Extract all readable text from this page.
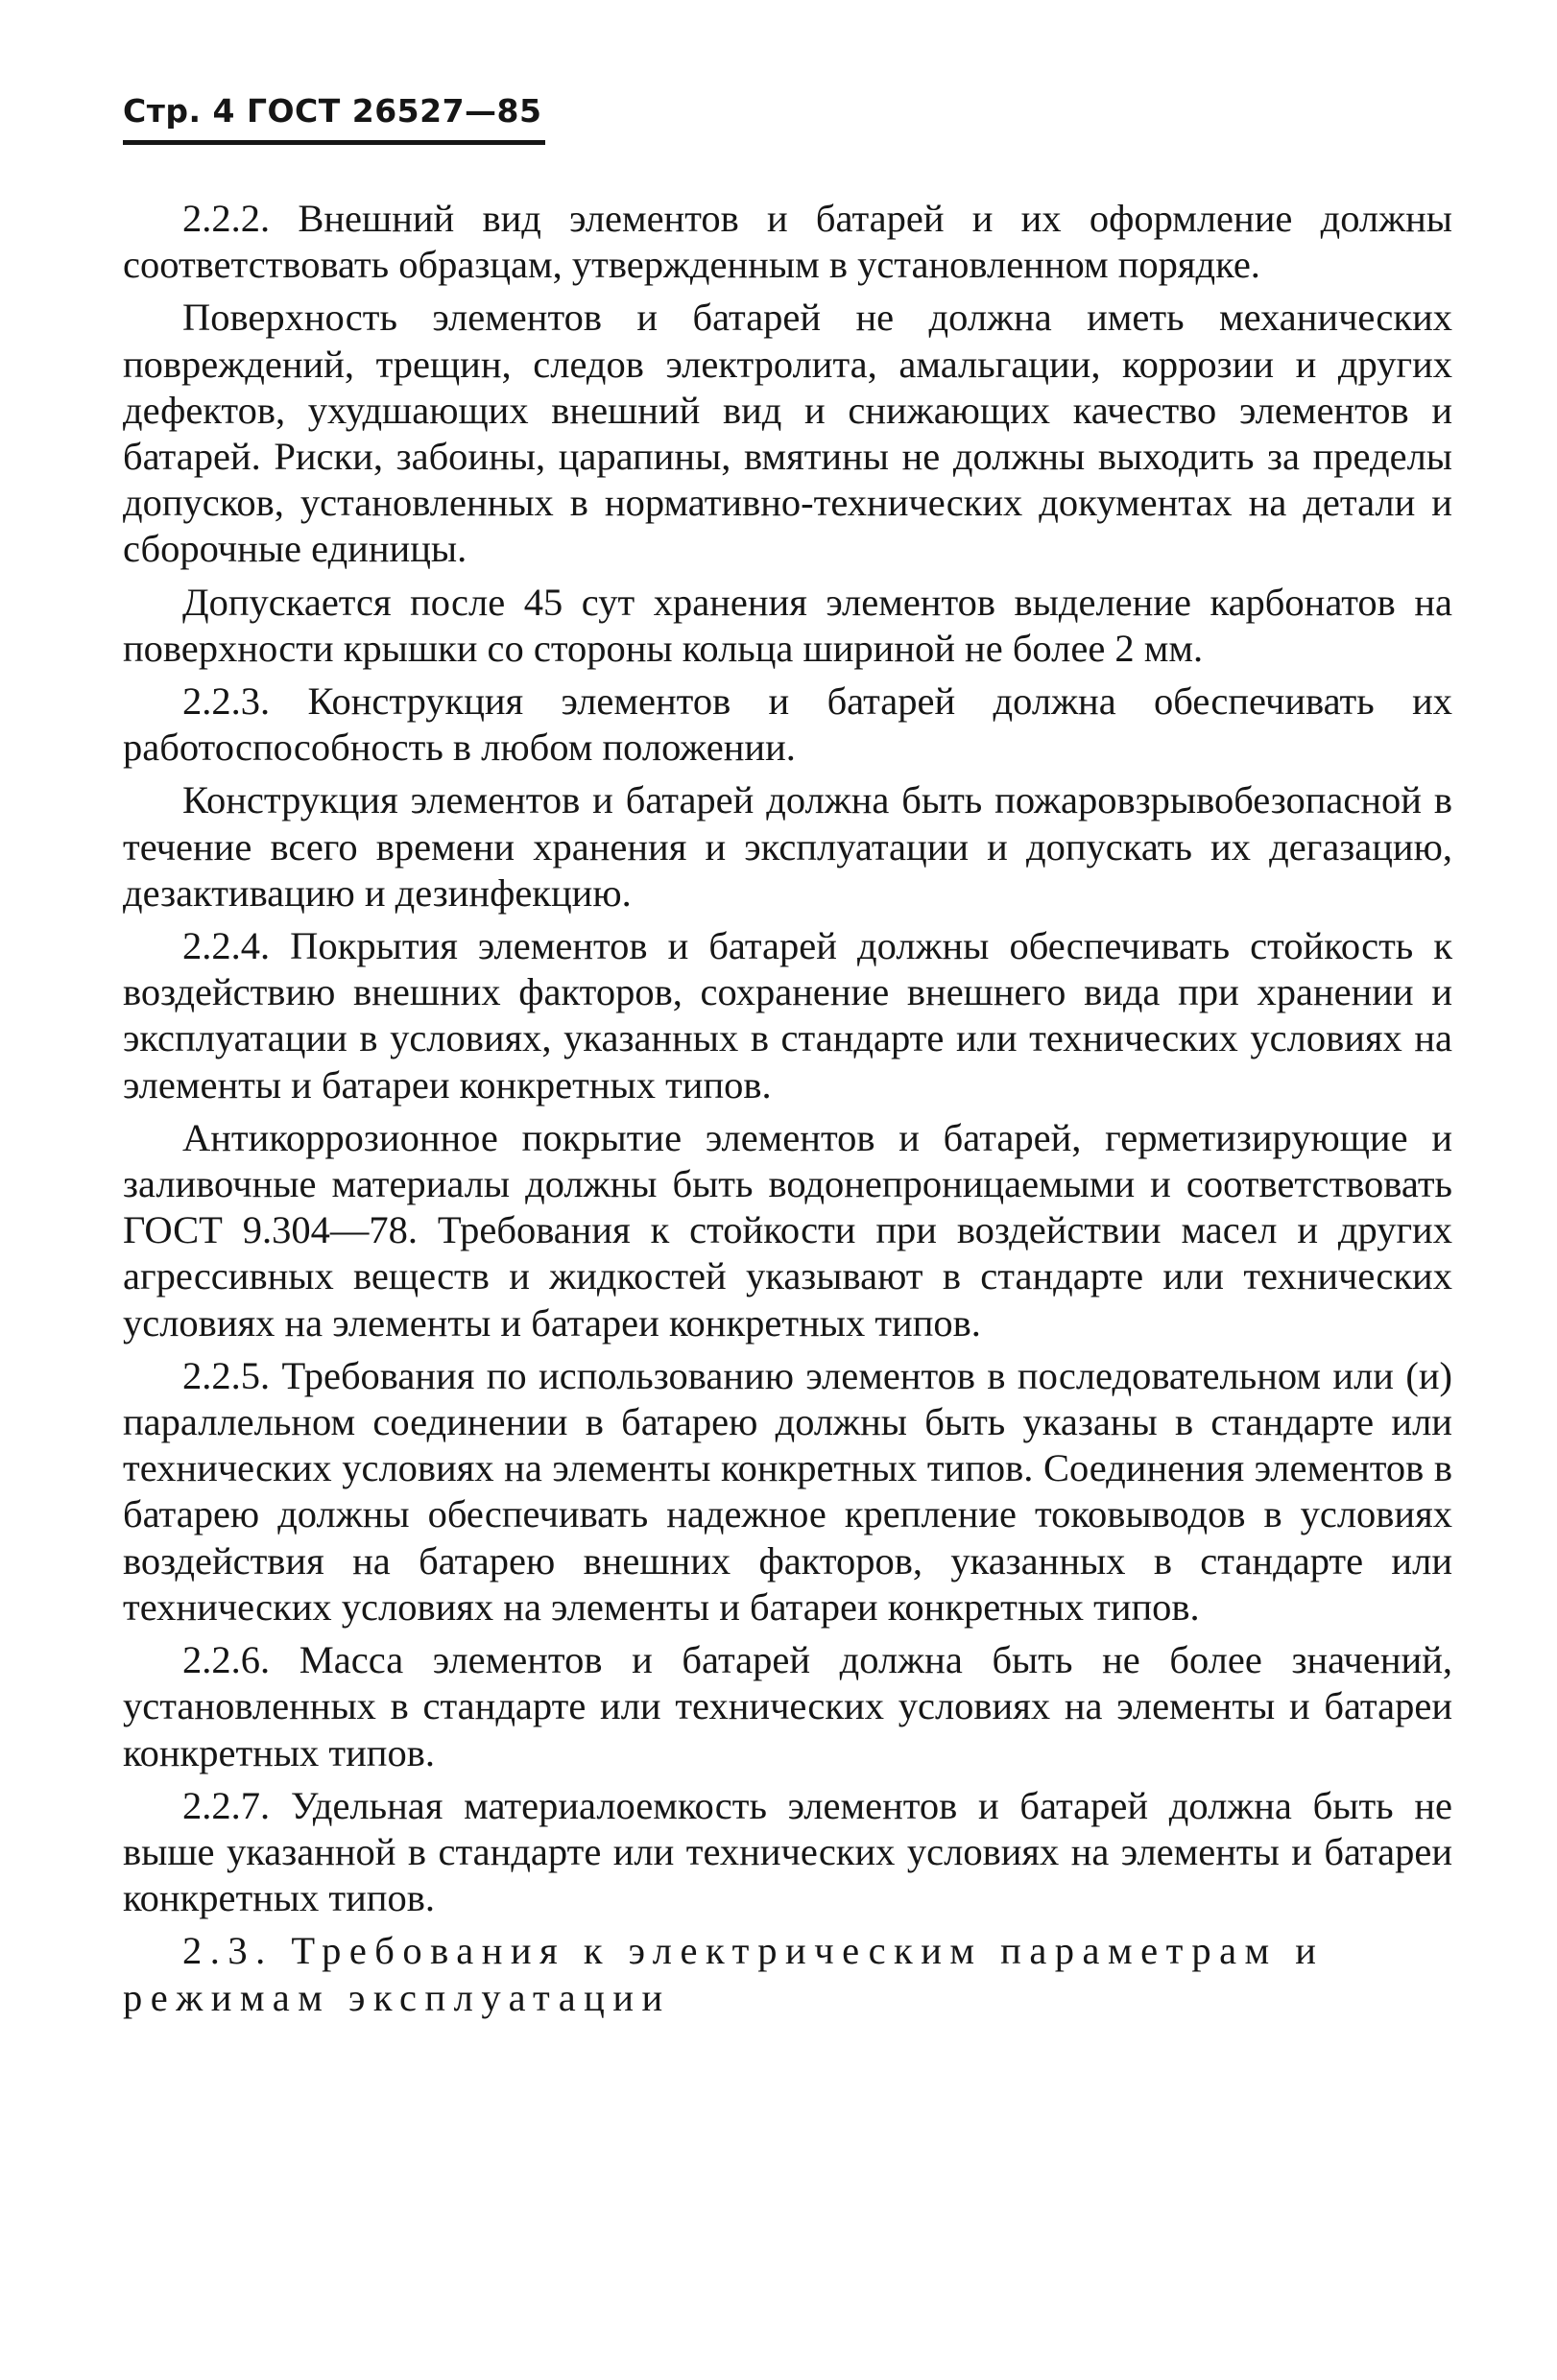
Стр. 4 ГОСТ 26527—85

2.2.2. Внешний вид элементов и батарей и их оформление должны соответствовать образцам, утвержденным в установленном порядке.

Поверхность элементов и батарей не должна иметь механических повреждений, трещин, следов электролита, амальгации, коррозии и других дефектов, ухудшающих внешний вид и снижающих качество элементов и батарей. Риски, забоины, царапины, вмятины не должны выходить за пределы допусков, установленных в нормативно-технических документах на детали и сборочные единицы.

Допускается после 45 сут хранения элементов выделение карбонатов на поверхности крышки со стороны кольца шириной не более 2 мм.

2.2.3. Конструкция элементов и батарей должна обеспечивать их работоспособность в любом положении.

Конструкция элементов и батарей должна быть пожаровзрывобезопасной в течение всего времени хранения и эксплуатации и допускать их дегазацию, дезактивацию и дезинфекцию.

2.2.4. Покрытия элементов и батарей должны обеспечивать стойкость к воздействию внешних факторов, сохранение внешнего вида при хранении и эксплуатации в условиях, указанных в стандарте или технических условиях на элементы и батареи конкретных типов.

Антикоррозионное покрытие элементов и батарей, герметизирующие и заливочные материалы должны быть водонепроницаемыми и соответствовать ГОСТ 9.304—78. Требования к стойкости при воздействии масел и других агрессивных веществ и жидкостей указывают в стандарте или технических условиях на элементы и батареи конкретных типов.

2.2.5. Требования по использованию элементов в последовательном или (и) параллельном соединении в батарею должны быть указаны в стандарте или технических условиях на элементы конкретных типов. Соединения элементов в батарею должны обеспечивать надежное крепление токовыводов в условиях воздействия на батарею внешних факторов, указанных в стандарте или технических условиях на элементы и батареи конкретных типов.

2.2.6. Масса элементов и батарей должна быть не более значений, установленных в стандарте или технических условиях на элементы и батареи конкретных типов.

2.2.7. Удельная материалоемкость элементов и батарей должна быть не выше указанной в стандарте или технических условиях на элементы и батареи конкретных типов.

2.3. Требования к электрическим параметрам и режимам эксплуатации
